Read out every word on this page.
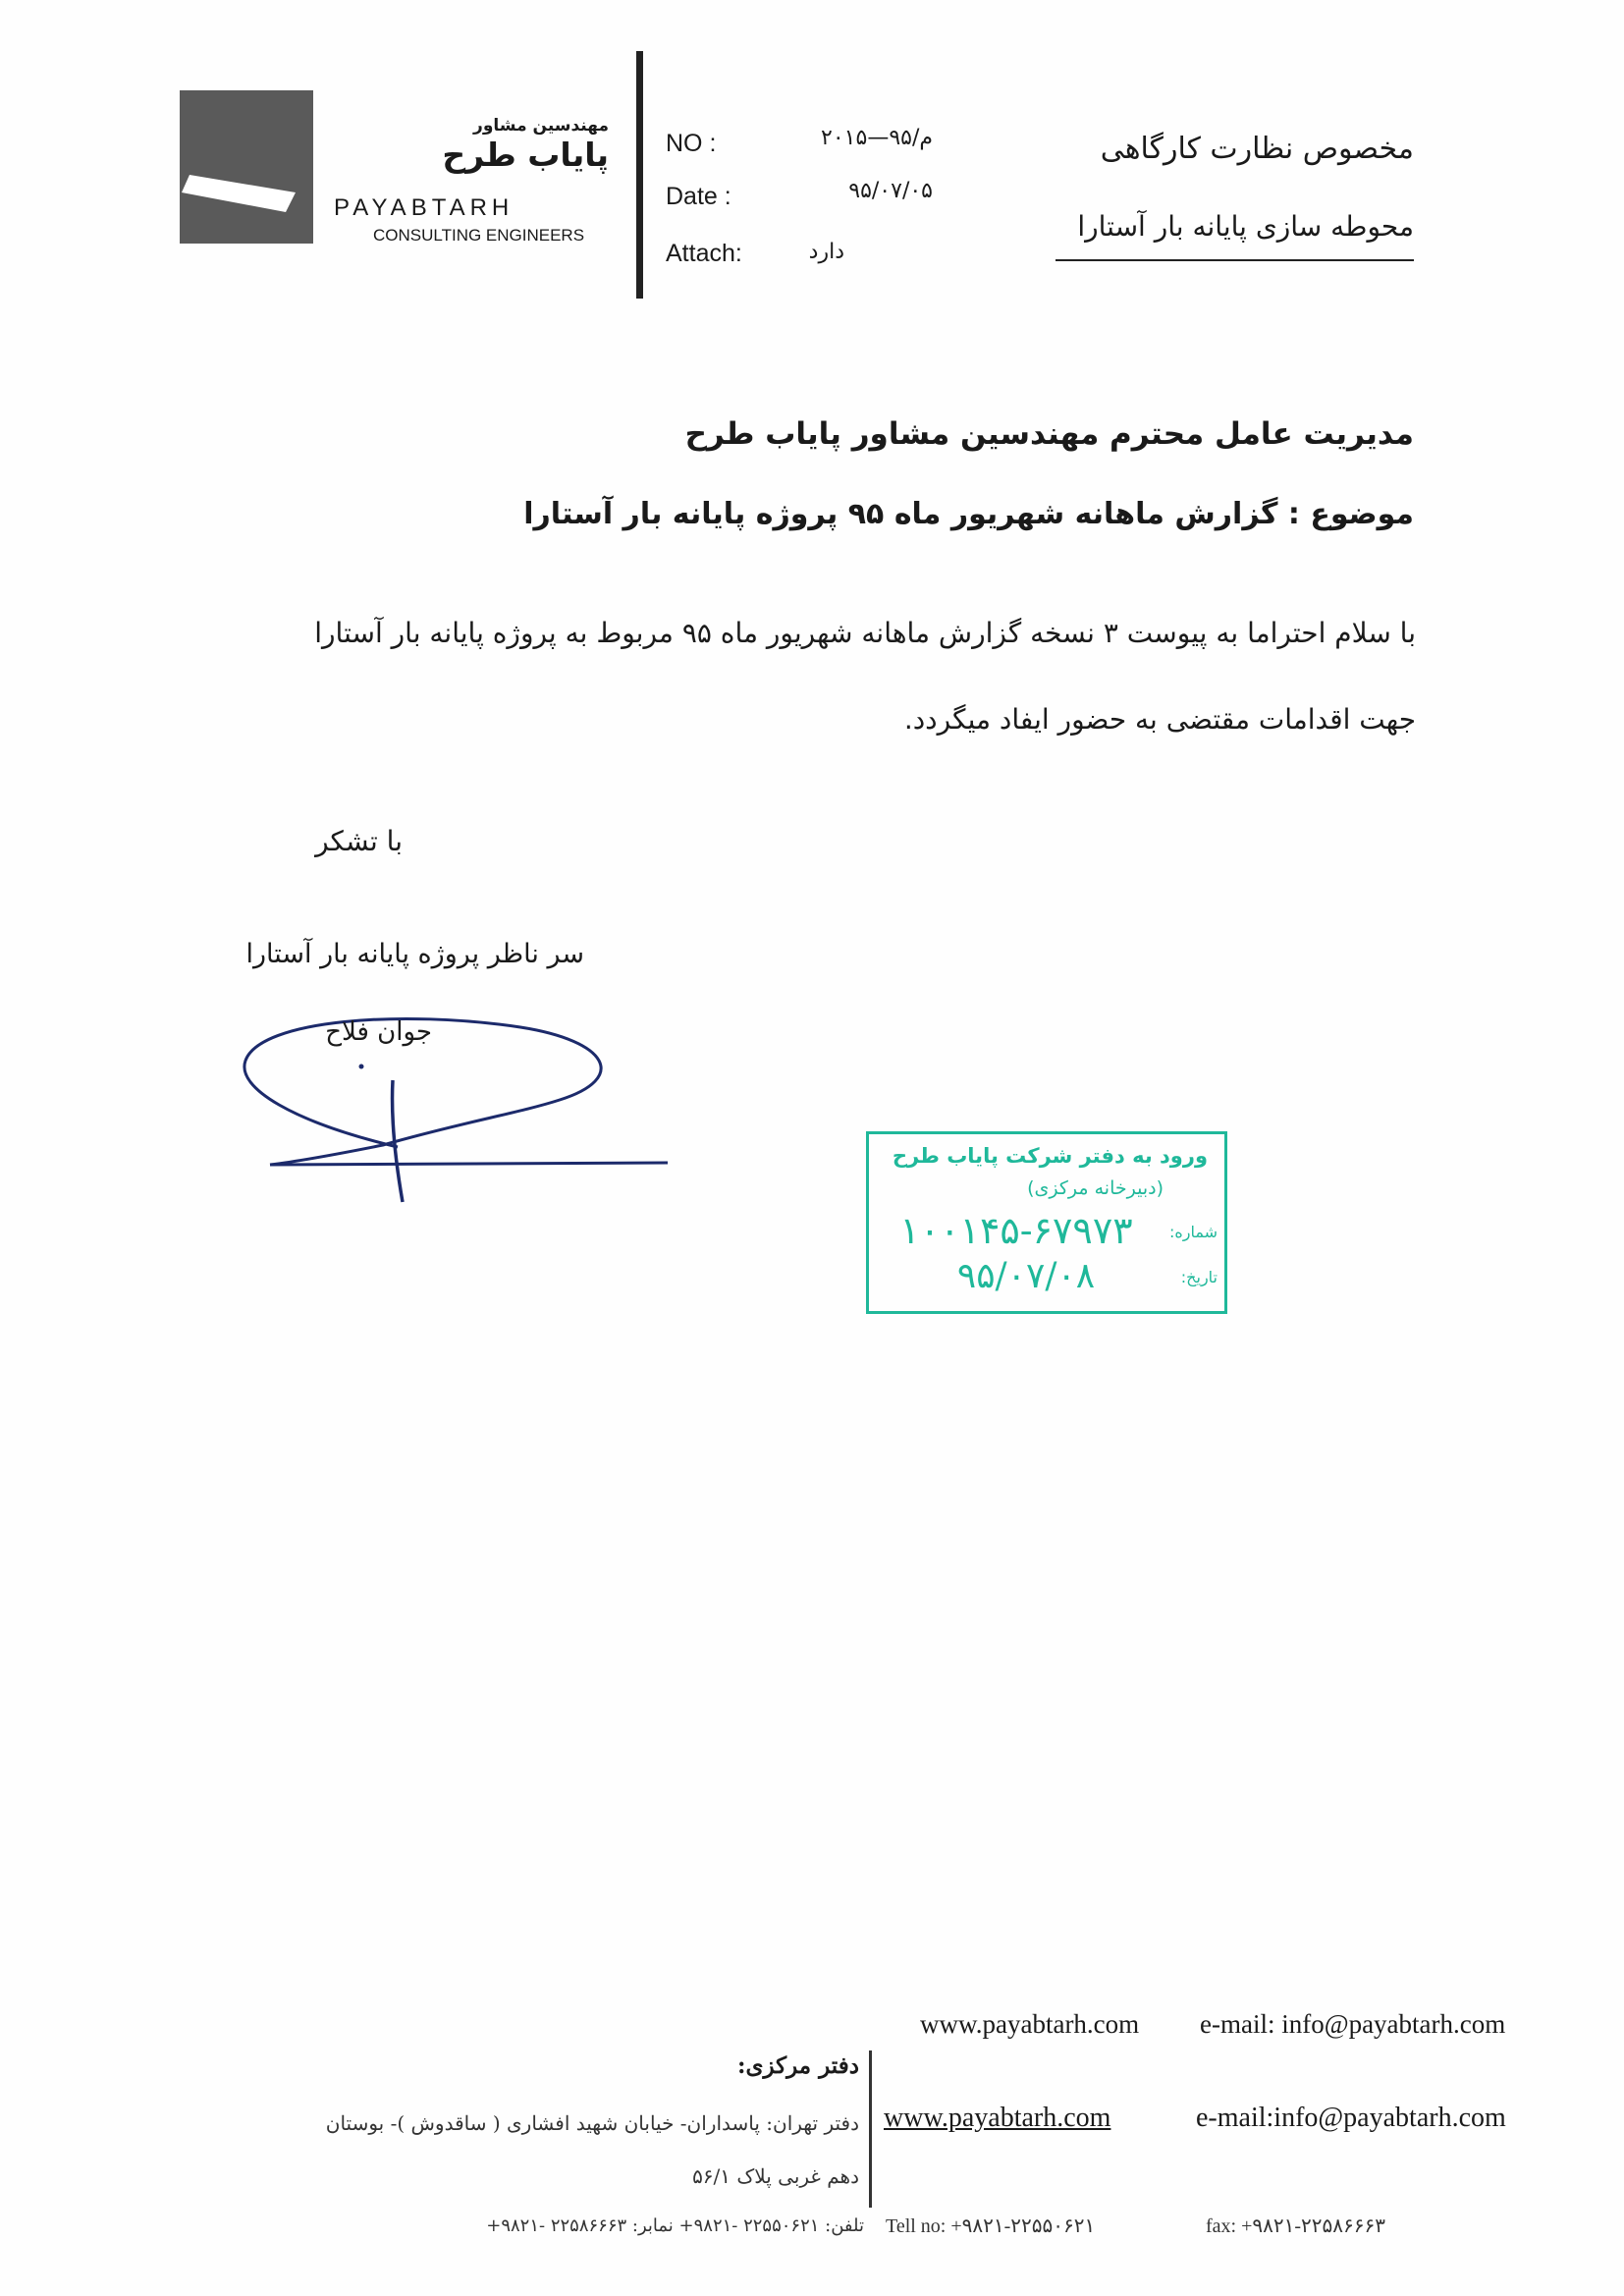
مهندسین مشاور
پایاب طرح
PAYABTARH
CONSULTING ENGINEERS
NO :	م/۹۵—۲۰۱۵
Date :	۹۵/۰۷/۰۵
Attach:	دارد
مخصوص نظارت کارگاهی
محوطه سازی پایانه بار آستارا
مدیریت عامل محترم مهندسین مشاور پایاب طرح
موضوع : گزارش ماهانه شهریور ماه ۹۵ پروژه پایانه بار آستارا
با سلام احتراما به پیوست ۳ نسخه گزارش ماهانه شهریور ماه ۹۵ مربوط به پروژه پایانه بار آستارا
جهت اقدامات مقتضی به حضور ایفاد میگردد.
با تشکر
سر ناظر پروژه پایانه بار آستارا
جوان فلاح
ورود به دفتر شرکت پایاب طرح
(دبیرخانه مرکزی)
شماره:
۱۰۰۱۴۵-۶۷۹۷۳
تاریخ:
۹۵/۰۷/۰۸
www.payabtarh.com e-mail: info@payabtarh.com
دفتر مرکزی:
دفتر تهران: پاسداران- خیابان شهید افشاری ( ساقدوش )- بوستان
دهم غربی پلاک ۵۶/۱
www.payabtarh.com	e-mail:info@payabtarh.com
تلفن: ۲۲۵۵۰۶۲۱ -۹۸۲۱+ نمابر: ۲۲۵۸۶۶۶۳ -۹۸۲۱+ Tell no: +۹۸۲۱-۲۲۵۵۰۶۲۱	fax: +۹۸۲۱-۲۲۵۸۶۶۶۳
